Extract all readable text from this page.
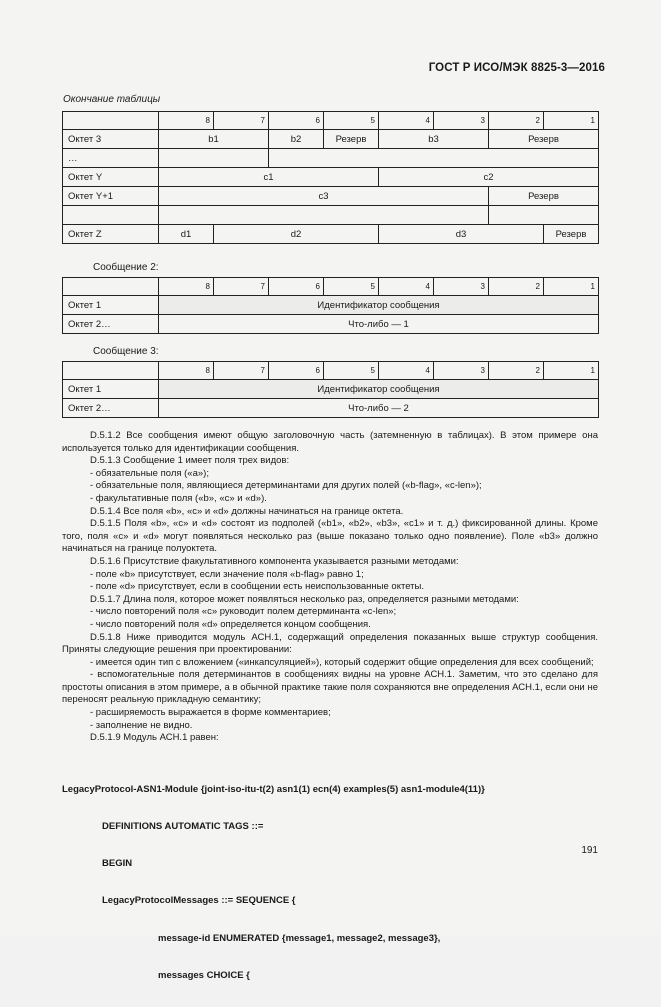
ГОСТ Р ИСО/МЭК 8825-3—2016
Окончание таблицы
	8	7	6	5	4	3	2	1
Октет 3	b1		b2	Резерв	b3		Резерв	
…								
Октет Y	c1				c2			
Октет Y+1	c3						Резерв	

Октет Z	d1	d2			d3			Резерв
Сообщение 2:
	8	7	6	5	4	3	2	1
Октет 1	Идентификатор сообщения							
Октет 2…	Что-либо — 1							
Сообщение 3:
	8	7	6	5	4	3	2	1
Октет 1	Идентификатор сообщения							
Октет 2…	Что-либо — 2							

D.5.1.2 Все сообщения имеют общую заголовочную часть (затемненную в таблицах). В этом примере она используется только для идентификации сообщения.

D.5.1.3 Сообщение 1 имеет поля трех видов:

- обязательные поля («a»);

- обязательные поля, являющиеся детерминантами для других полей («b-flag», «c-len»);

- факультативные поля («b», «c» и «d»).

D.5.1.4 Все поля «b», «c» и «d» должны начинаться на границе октета.

D.5.1.5 Поля «b», «c» и «d» состоят из подполей («b1», «b2», «b3», «c1» и т. д.) фиксированной длины. Кроме того, поля «c» и «d» могут появляться несколько раз (выше показано только одно появление). Поле «b3» должно начинаться на границе полуоктета.

D.5.1.6 Присутствие факультативного компонента указывается разными методами:

- поле «b» присутствует, если значение поля «b-flag» равно 1;

- поле «d» присутствует, если в сообщении есть неиспользованные октеты.

D.5.1.7 Длина поля, которое может появляться несколько раз, определяется разными методами:

- число повторений поля «c» руководит полем детерминанта «c-len»;

- число повторений поля «d» определяется концом сообщения.

D.5.1.8 Ниже приводится модуль АСН.1, содержащий определения показанных выше структур сообщения. Приняты следующие решения при проектировании:

- имеется один тип с вложением («инкапсуляцией»), который содержит общие определения для всех сообщений;

- вспомогательные поля детерминантов в сообщениях видны на уровне АСН.1. Заметим, что это сделано для простоты описания в этом примере, а в обычной практике такие поля сохраняются вне определения АСН.1, если они не переносят реальную прикладную семантику;

- расширяемость выражается в форме комментариев;

- заполнение не видно.

D.5.1.9 Модуль АСН.1 равен:

LegacyProtocol-ASN1-Module {joint-iso-itu-t(2) asn1(1) ecn(4) examples(5) asn1-module4(11)}

DEFINITIONS AUTOMATIC TAGS ::=

BEGIN

LegacyProtocolMessages ::= SEQUENCE {

message-id ENUMERATED {message1, message2, message3},

messages CHOICE {

191
